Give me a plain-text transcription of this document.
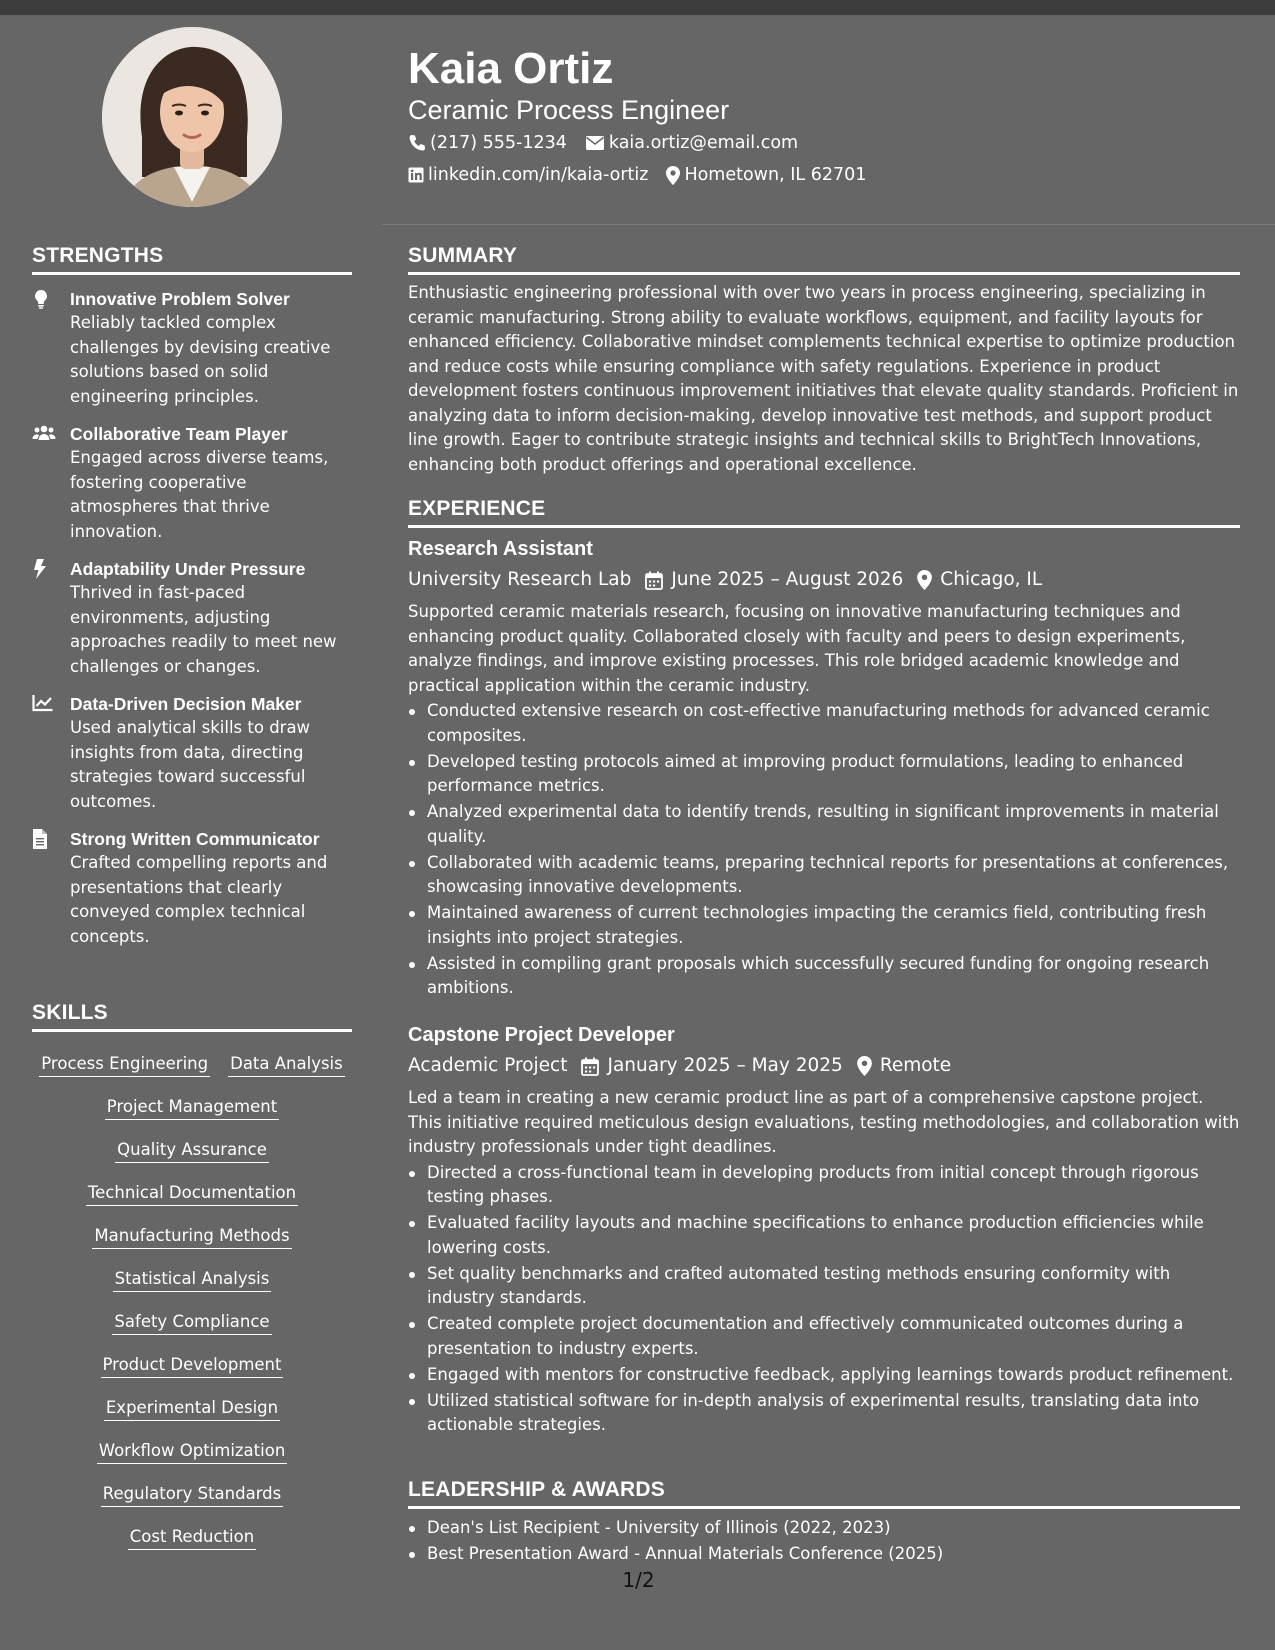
STRENGTHS
Innovative Problem Solver
Reliably tackled complex challenges by devising creative solutions based on solid engineering principles.
Collaborative Team Player
Engaged across diverse teams, fostering cooperative atmospheres that thrive innovation.
Adaptability Under Pressure
Thrived in fast-paced environments, adjusting approaches readily to meet new challenges or changes.
Data-Driven Decision Maker
Used analytical skills to draw insights from data, directing strategies toward successful outcomes.
Strong Written Communicator
Crafted compelling reports and presentations that clearly conveyed complex technical concepts.
SKILLS
Process Engineering Data Analysis
Project Management
Quality Assurance
Technical Documentation
Manufacturing Methods
Statistical Analysis
Safety Compliance
Product Development
Experimental Design
Workflow Optimization
Regulatory Standards
Cost Reduction
Kaia Ortiz
Ceramic Process Engineer
(217) 555-1234 kaia.ortiz@email.com
linkedin.com/in/kaia-ortiz Hometown, IL 62701
SUMMARY
Enthusiastic engineering professional with over two years in process engineering, specializing in ceramic manufacturing. Strong ability to evaluate workflows, equipment, and facility layouts for enhanced efficiency. Collaborative mindset complements technical expertise to optimize production and reduce costs while ensuring compliance with safety regulations. Experience in product development fosters continuous improvement initiatives that elevate quality standards. Proficient in analyzing data to inform decision-making, develop innovative test methods, and support product line growth. Eager to contribute strategic insights and technical skills to BrightTech Innovations, enhancing both product offerings and operational excellence.
EXPERIENCE
Research Assistant
University Research Lab June 2025 – August 2026 Chicago, IL
Supported ceramic materials research, focusing on innovative manufacturing techniques and enhancing product quality. Collaborated closely with faculty and peers to design experiments, analyze findings, and improve existing processes. This role bridged academic knowledge and practical application within the ceramic industry.
Conducted extensive research on cost-effective manufacturing methods for advanced ceramic composites.
Developed testing protocols aimed at improving product formulations, leading to enhanced performance metrics.
Analyzed experimental data to identify trends, resulting in significant improvements in material quality.
Collaborated with academic teams, preparing technical reports for presentations at conferences, showcasing innovative developments.
Maintained awareness of current technologies impacting the ceramics field, contributing fresh insights into project strategies.
Assisted in compiling grant proposals which successfully secured funding for ongoing research ambitions.
Capstone Project Developer
Academic Project January 2025 – May 2025 Remote
Led a team in creating a new ceramic product line as part of a comprehensive capstone project. This initiative required meticulous design evaluations, testing methodologies, and collaboration with industry professionals under tight deadlines.
Directed a cross-functional team in developing products from initial concept through rigorous testing phases.
Evaluated facility layouts and machine specifications to enhance production efficiencies while lowering costs.
Set quality benchmarks and crafted automated testing methods ensuring conformity with industry standards.
Created complete project documentation and effectively communicated outcomes during a presentation to industry experts.
Engaged with mentors for constructive feedback, applying learnings towards product refinement.
Utilized statistical software for in-depth analysis of experimental results, translating data into actionable strategies.
LEADERSHIP & AWARDS
Dean's List Recipient - University of Illinois (2022, 2023)
Best Presentation Award - Annual Materials Conference (2025)
1/2
